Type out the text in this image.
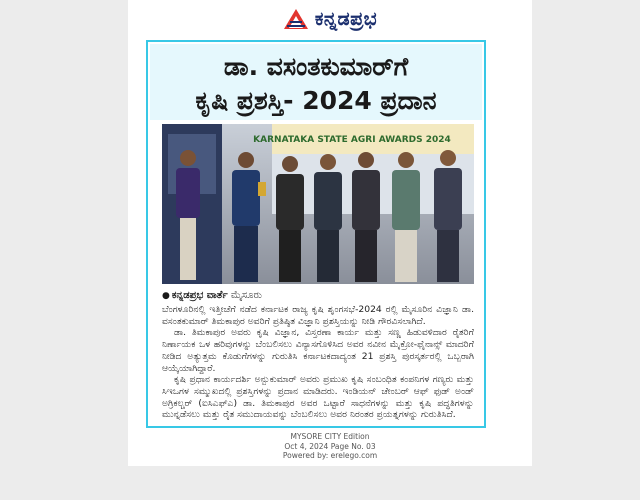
ಕನ್ನಡಪ್ರಭ
ಡಾ. ವಸಂತಕುಮಾರ್‌ಗೆ
ಕೃಷಿ ಪ್ರಶಸ್ತಿ- 2024 ಪ್ರದಾನ
KARNATAKA STATE AGRI AWARDS 2024
● ಕನ್ನಡಪ್ರಭ ವಾರ್ತೆ ಮೈಸೂರು

ಬೆಂಗಳೂರಿನಲ್ಲಿ ಇತ್ತೀಚೆಗೆ ನಡೆದ ಕರ್ನಾಟಕ ರಾಜ್ಯ ಕೃಷಿ ಶೃಂಗಸಭೆ-2024 ರಲ್ಲಿ ಮೈಸೂರಿನ ವಿಜ್ಞಾನಿ ಡಾ. ವಸಂತಕುಮಾರ್ ತಿಮಕಾಪುರ ಅವರಿಗೆ ಪ್ರತಿಷ್ಠಿತ ವಿಜ್ಞಾನಿ ಪ್ರಶಸ್ತಿಯನ್ನು ನೀಡಿ ಗೌರವಿಸಲಾಗಿದೆ.

ಡಾ. ತಿಮಕಾಪುರ ಅವರು ಕೃಷಿ ವಿಜ್ಞಾನ, ವಿಸ್ತರಣಾ ಕಾರ್ಯ ಮತ್ತು ಸಣ್ಣ ಹಿಡುವಳಿದಾರ ರೈತರಿಗೆ ನಿರ್ಣಾಯಕ ಒಳ ಹರಿವುಗಳನ್ನು ಬೆಂಬಲಿಸಲು ವಿನ್ಯಾಸಗೊಳಿಸಿದ ಅವರ ನವೀನ ಮೈಕ್ರೋ-ಫೈನಾನ್ಸ್ ಮಾದರಿಗೆ ನೀಡಿದ ಅತ್ಯುತ್ತಮ ಕೊಡುಗೆಗಳನ್ನು ಗುರುತಿಸಿ ಕರ್ನಾಟಕದಾದ್ಯಂತ 21 ಪ್ರಶಸ್ತಿ ಪುರಸ್ಕರ್ತರಲ್ಲಿ ಒಬ್ಬರಾಗಿ ಆಯ್ಕೆಯಾಗಿದ್ದಾರೆ.

ಕೃಷಿ ಪ್ರಧಾನ ಕಾರ್ಯದರ್ಶಿ ಅನ್ಬುಕುಮಾರ್ ಅವರು ಪ್ರಮುಖ ಕೃಷಿ ಸಂಬಂಧಿತ ಕಂಪನಿಗಳ ಗಣ್ಯರು ಮತ್ತು ಸಿಇಒಗಳ ಸಮ್ಮುಖದಲ್ಲಿ ಪ್ರಶಸ್ತಿಗಳನ್ನು ಪ್ರದಾನ ಮಾಡಿದರು. ಇಂಡಿಯನ್ ಚೇಂಬರ್ ಆಫ್ ಫುಡ್ ಅಂಡ್ ಅಗ್ರಿಕಲ್ಚರ್ (ಐಸಿಎಫ್ಎ) ಡಾ. ತಿಮಕಾಪುರ ಅವರ ಒಟ್ಟಾರೆ ಸಾಧನೆಗಳನ್ನು ಮತ್ತು ಕೃಷಿ ಪದ್ಧತಿಗಳನ್ನು ಮುನ್ನಡೆಸಲು ಮತ್ತು ರೈತ ಸಮುದಾಯವನ್ನು ಬೆಂಬಲಿಸಲು ಅವರ ನಿರಂತರ ಪ್ರಯತ್ನಗಳನ್ನು ಗುರುತಿಸಿದೆ.

MYSORE CITY Edition
Oct 4, 2024 Page No. 03
Powered by: erelego.com
